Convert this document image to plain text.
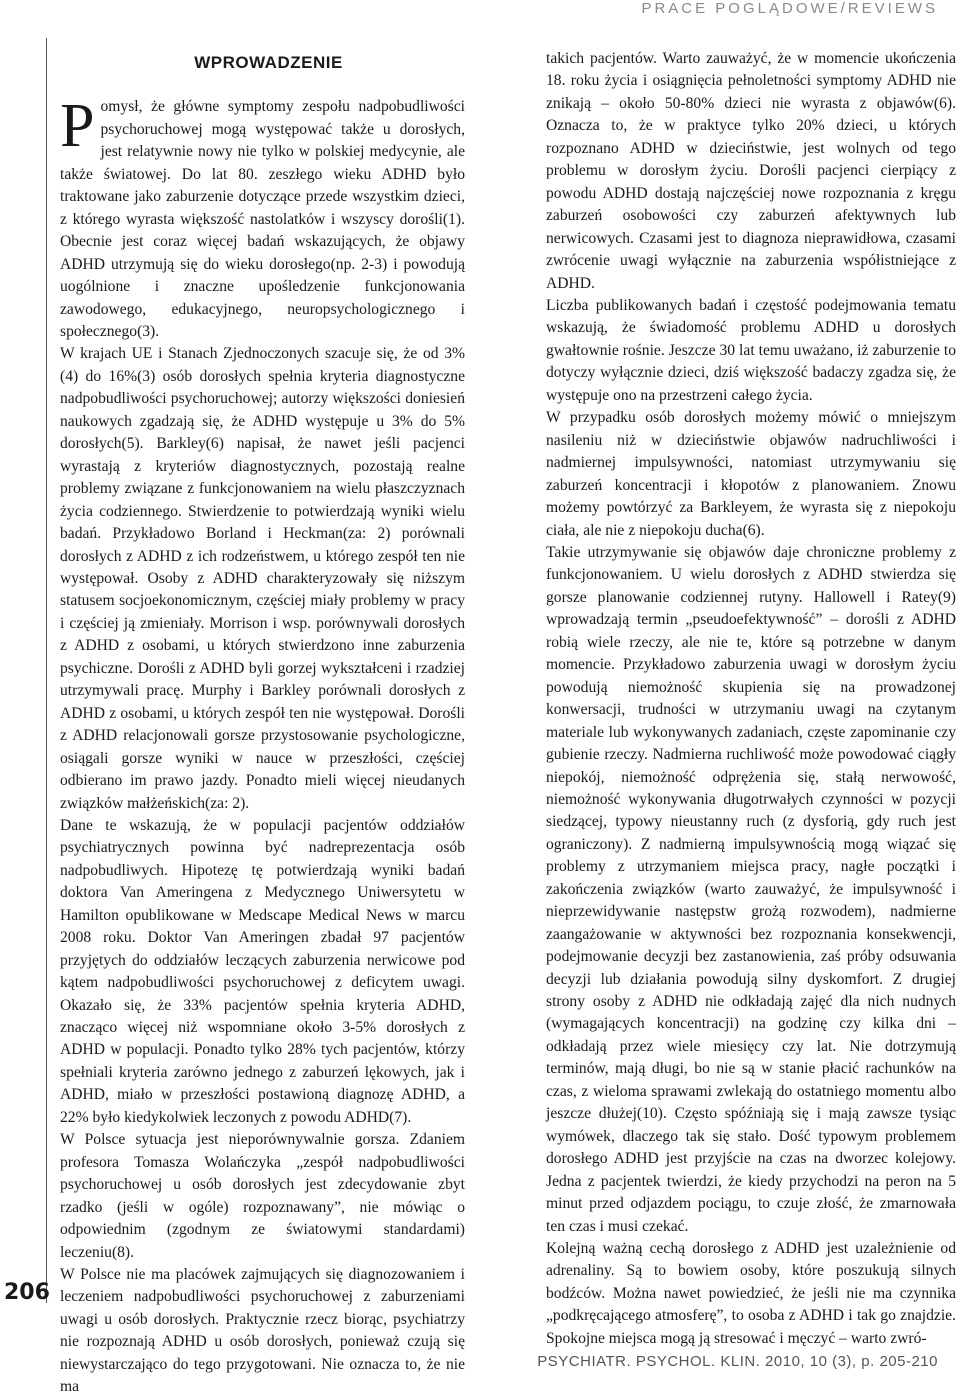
PRACE POGLĄDOWE/REVIEWS
206
WPROWADZENIE

Pomysł, że główne symptomy zespołu nadpobudliwości psychoruchowej mogą występować także u dorosłych, jest relatywnie nowy nie tylko w polskiej medycynie, ale także światowej. Do lat 80. zeszłego wieku ADHD było traktowane jako zaburzenie dotyczące przede wszystkim dzieci, z którego wyrasta większość nastolatków i wszyscy dorośli(1). Obecnie jest coraz więcej badań wskazujących, że objawy ADHD utrzymują się do wieku dorosłego(np. 2-3) i powodują uogólnione i znaczne upośledzenie funkcjonowania zawodowego, edukacyjnego, neuropsychologicznego i społecznego(3).

W krajach UE i Stanach Zjednoczonych szacuje się, że od 3%(4) do 16%(3) osób dorosłych spełnia kryteria diagnostyczne nadpobudliwości psychoruchowej; autorzy większości doniesień naukowych zgadzają się, że ADHD występuje u 3% do 5% dorosłych(5). Barkley(6) napisał, że nawet jeśli pacjenci wyrastają z kryteriów diagnostycznych, pozostają realne problemy związane z funkcjonowaniem na wielu płaszczyznach życia codziennego. Stwierdzenie to potwierdzają wyniki wielu badań. Przykładowo Borland i Heckman(za: 2) porównali dorosłych z ADHD z ich rodzeństwem, u którego zespół ten nie występował. Osoby z ADHD charakteryzowały się niższym statusem socjoekonomicznym, częściej miały problemy w pracy i częściej ją zmieniały. Morrison i wsp. porównywali dorosłych z ADHD z osobami, u których stwierdzono inne zaburzenia psychiczne. Dorośli z ADHD byli gorzej wykształceni i rzadziej utrzymywali pracę. Murphy i Barkley porównali dorosłych z ADHD z osobami, u których zespół ten nie występował. Dorośli z ADHD relacjonowali gorsze przystosowanie psychologiczne, osiągali gorsze wyniki w nauce w przeszłości, częściej odbierano im prawo jazdy. Ponadto mieli więcej nieudanych związków małżeńskich(za: 2).

Dane te wskazują, że w populacji pacjentów oddziałów psychiatrycznych powinna być nadreprezentacja osób nadpobudliwych. Hipotezę tę potwierdzają wyniki badań doktora Van Ameringena z Medycznego Uniwersytetu w Hamilton opublikowane w Medscape Medical News w marcu 2008 roku. Doktor Van Ameringen zbadał 97 pacjentów przyjętych do oddziałów leczących zaburzenia nerwicowe pod kątem nadpobudliwości psychoruchowej z deficytem uwagi. Okazało się, że 33% pacjentów spełnia kryteria ADHD, znacząco więcej niż wspomniane około 3-5% dorosłych z ADHD w populacji. Ponadto tylko 28% tych pacjentów, którzy spełniali kryteria zarówno jednego z zaburzeń lękowych, jak i ADHD, miało w przeszłości postawioną diagnozę ADHD, a 22% było kiedykolwiek leczonych z powodu ADHD(7).

W Polsce sytuacja jest nieporównywalnie gorsza. Zdaniem profesora Tomasza Wolańczyka „zespół nadpobudliwości psychoruchowej u osób dorosłych jest zdecydowanie zbyt rzadko (jeśli w ogóle) rozpoznawany”, nie mówiąc o odpowiednim (zgodnym ze światowymi standardami) leczeniu(8).

W Polsce nie ma placówek zajmujących się diagnozowaniem i leczeniem nadpobudliwości psychoruchowej z zaburzeniami uwagi u osób dorosłych. Praktycznie rzecz biorąc, psychiatrzy nie rozpoznają ADHD u osób dorosłych, ponieważ czują się niewystarczająco do tego przygotowani. Nie oznacza to, że nie ma

takich pacjentów. Warto zauważyć, że w momencie ukończenia 18. roku życia i osiągnięcia pełnoletności symptomy ADHD nie znikają – około 50-80% dzieci nie wyrasta z objawów(6). Oznacza to, że w praktyce tylko 20% dzieci, u których rozpoznano ADHD w dzieciństwie, jest wolnych od tego problemu w dorosłym życiu. Dorośli pacjenci cierpiący z powodu ADHD dostają najczęściej nowe rozpoznania z kręgu zaburzeń osobowości czy zaburzeń afektywnych lub nerwicowych. Czasami jest to diagnoza nieprawidłowa, czasami zwrócenie uwagi wyłącznie na zaburzenia współistniejące z ADHD.

Liczba publikowanych badań i częstość podejmowania tematu wskazują, że świadomość problemu ADHD u dorosłych gwałtownie rośnie. Jeszcze 30 lat temu uważano, iż zaburzenie to dotyczy wyłącznie dzieci, dziś większość badaczy zgadza się, że występuje ono na przestrzeni całego życia.

W przypadku osób dorosłych możemy mówić o mniejszym nasileniu niż w dzieciństwie objawów nadruchliwości i nadmiernej impulsywności, natomiast utrzymywaniu się zaburzeń koncentracji i kłopotów z planowaniem. Znowu możemy powtórzyć za Barkleyem, że wyrasta się z niepokoju ciała, ale nie z niepokoju ducha(6).

Takie utrzymywanie się objawów daje chroniczne problemy z funkcjonowaniem. U wielu dorosłych z ADHD stwierdza się gorsze planowanie codziennej rutyny. Hallowell i Ratey(9) wprowadzają termin „pseudoefektywność” – dorośli z ADHD robią wiele rzeczy, ale nie te, które są potrzebne w danym momencie. Przykładowo zaburzenia uwagi w dorosłym życiu powodują niemożność skupienia się na prowadzonej konwersacji, trudności w utrzymaniu uwagi na czytanym materiale lub wykonywanych zadaniach, częste zapominanie czy gubienie rzeczy. Nadmierna ruchliwość może powodować ciągły niepokój, niemożność odprężenia się, stałą nerwowość, niemożność wykonywania długotrwałych czynności w pozycji siedzącej, typowy nieustanny ruch (z dysforią, gdy ruch jest ograniczony). Z nadmierną impulsywnością mogą wiązać się problemy z utrzymaniem miejsca pracy, nagłe początki i zakończenia związków (warto zauważyć, że impulsywność i nieprzewidywanie następstw grożą rozwodem), nadmierne zaangażowanie w aktywności bez rozpoznania konsekwencji, podejmowanie decyzji bez zastanowienia, zaś próby odsuwania decyzji lub działania powodują silny dyskomfort. Z drugiej strony osoby z ADHD nie odkładają zajęć dla nich nudnych (wymagających koncentracji) na godzinę czy kilka dni – odkładają przez wiele miesięcy czy lat. Nie dotrzymują terminów, mają długi, bo nie są w stanie płacić rachunków na czas, z wieloma sprawami zwlekają do ostatniego momentu albo jeszcze dłużej(10). Często spóźniają się i mają zawsze tysiąc wymówek, dlaczego tak się stało. Dość typowym problemem dorosłego ADHD jest przyjście na czas na dworzec kolejowy. Jedna z pacjentek twierdzi, że kiedy przychodzi na peron na 5 minut przed odjazdem pociągu, to czuje złość, że zmarnowała ten czas i musi czekać.

Kolejną ważną cechą dorosłego z ADHD jest uzależnienie od adrenaliny. Są to bowiem osoby, które poszukują silnych bodźców. Można nawet powiedzieć, że jeśli nie ma czynnika „podkręcającego atmosferę”, to osoba z ADHD i tak go znajdzie. Spokojne miejsca mogą ją stresować i męczyć – warto zwró-

PSYCHIATR. PSYCHOL. KLIN. 2010, 10 (3), p. 205-210
